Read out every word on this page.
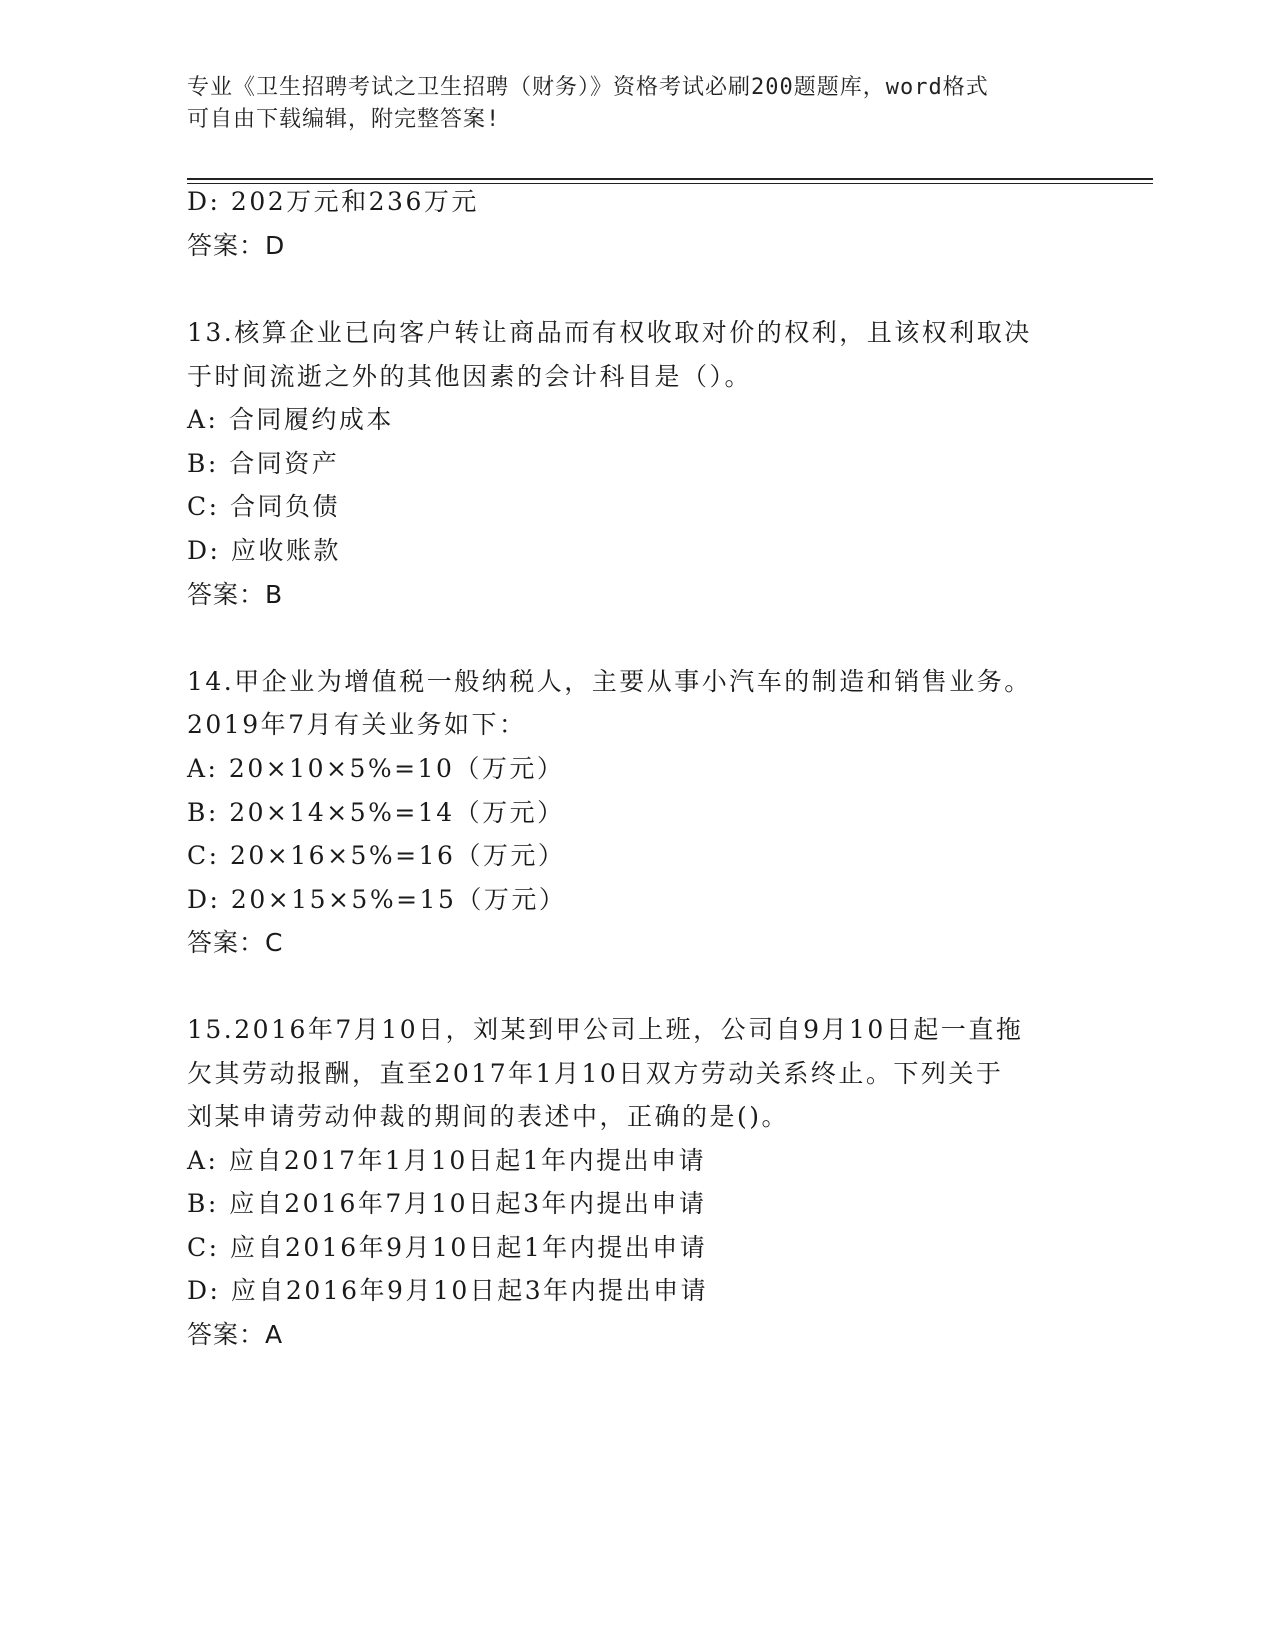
专业《卫生招聘考试之卫生招聘（财务）》资格考试必刷200题题库，word格式
可自由下载编辑，附完整答案!
D: 202万元和236万元
答案：D
13.核算企业已向客户转让商品而有权收取对价的权利，且该权利取决
于时间流逝之外的其他因素的会计科目是（）。
A: 合同履约成本
B: 合同资产
C: 合同负债
D: 应收账款
答案：B
14.甲企业为增值税一般纳税人，主要从事小汽车的制造和销售业务。
2019年7月有关业务如下：
A: 20×10×5%=10（万元）
B: 20×14×5%=14（万元）
C: 20×16×5%=16（万元）
D: 20×15×5%=15（万元）
答案：C
15.2016年7月10日，刘某到甲公司上班，公司自9月10日起一直拖
欠其劳动报酬，直至2017年1月10日双方劳动关系终止。下列关于
刘某申请劳动仲裁的期间的表述中，正确的是()。
A: 应自2017年1月10日起1年内提出申请
B: 应自2016年7月10日起3年内提出申请
C: 应自2016年9月10日起1年内提出申请
D: 应自2016年9月10日起3年内提出申请
答案：A
